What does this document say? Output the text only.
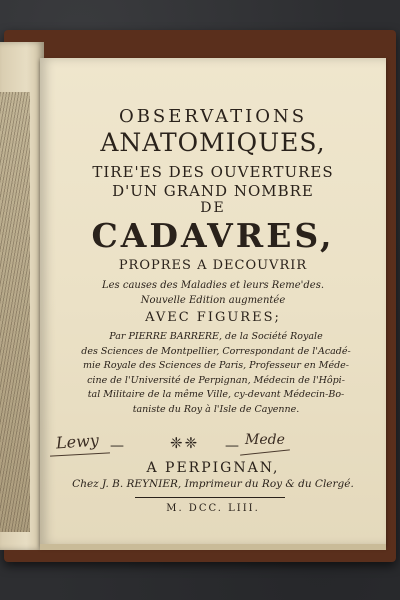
OBSERVATIONS
ANATOMIQUES,
TIRE'ES DES OUVERTURES
D'UN GRAND NOMBRE
DE
CADAVRES,
PROPRES A DECOUVRIR
Les causes des Maladies et leurs Reme'des.
Nouvelle Edition augmentée
AVEC FIGURES;
Par PIERRE BARRERE, de la Société Royale
des Sciences de Montpellier, Correspondant de l'Acadé-
mie Royale des Sciences de Paris, Professeur en Méde-
cine de l'Université de Perpignan, Médecin de l'Hôpi-
tal Militaire de la même Ville, cy-devant Médecin-Bo-
taniste du Roy à l'Isle de Cayenne.
Lewy —	❈❈ — Mede
A PERPIGNAN,
Chez J. B. REYNIER, Imprimeur du Roy & du Clergé.
M. DCC. LIII.
